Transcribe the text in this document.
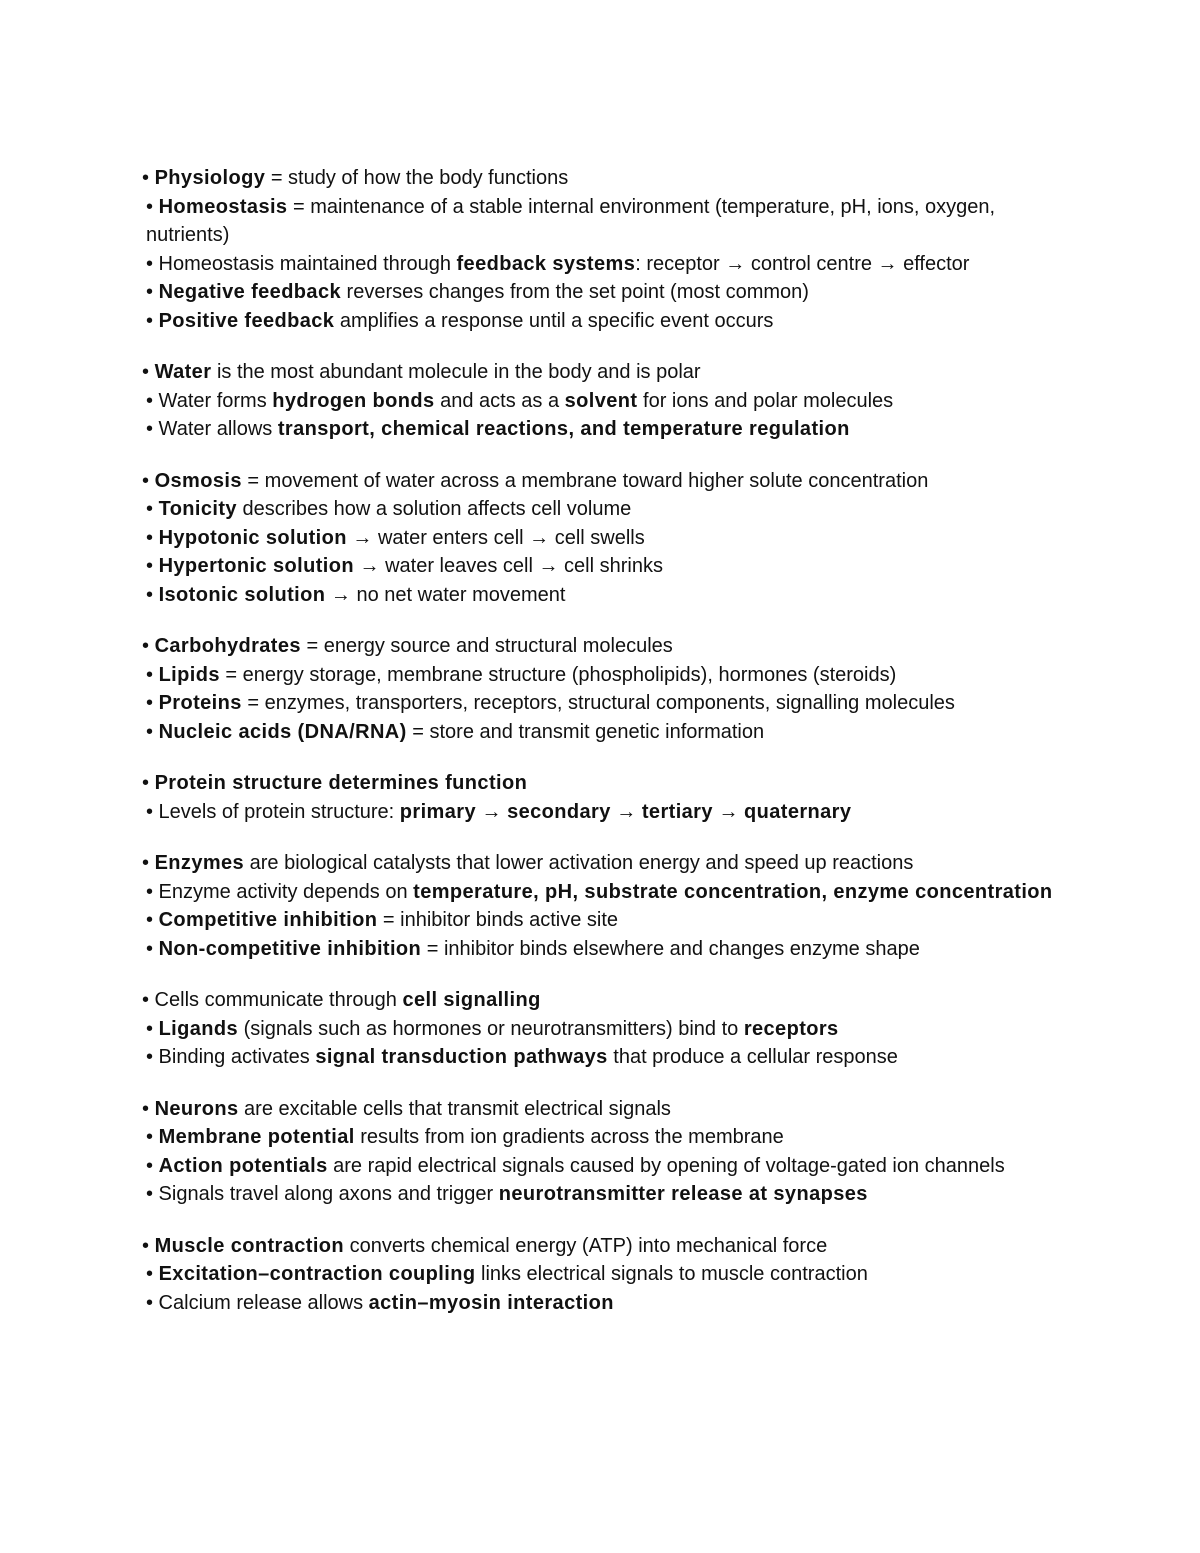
• Physiology = study of how the body functions

• Homeostasis = maintenance of a stable internal environment (temperature, pH, ions, oxygen, nutrients)

• Homeostasis maintained through feedback systems: receptor → control centre → effector

• Negative feedback reverses changes from the set point (most common)

• Positive feedback amplifies a response until a specific event occurs

• Water is the most abundant molecule in the body and is polar

• Water forms hydrogen bonds and acts as a solvent for ions and polar molecules

• Water allows transport, chemical reactions, and temperature regulation

• Osmosis = movement of water across a membrane toward higher solute concentration

• Tonicity describes how a solution affects cell volume

• Hypotonic solution → water enters cell → cell swells

• Hypertonic solution → water leaves cell → cell shrinks

• Isotonic solution → no net water movement

• Carbohydrates = energy source and structural molecules

• Lipids = energy storage, membrane structure (phospholipids), hormones (steroids)

• Proteins = enzymes, transporters, receptors, structural components, signalling molecules

• Nucleic acids (DNA/RNA) = store and transmit genetic information

• Protein structure determines function

• Levels of protein structure: primary → secondary → tertiary → quaternary

• Enzymes are biological catalysts that lower activation energy and speed up reactions

• Enzyme activity depends on temperature, pH, substrate concentration, enzyme concentration

• Competitive inhibition = inhibitor binds active site

• Non-competitive inhibition = inhibitor binds elsewhere and changes enzyme shape

• Cells communicate through cell signalling

• Ligands (signals such as hormones or neurotransmitters) bind to receptors

• Binding activates signal transduction pathways that produce a cellular response

• Neurons are excitable cells that transmit electrical signals

• Membrane potential results from ion gradients across the membrane

• Action potentials are rapid electrical signals caused by opening of voltage-gated ion channels

• Signals travel along axons and trigger neurotransmitter release at synapses

• Muscle contraction converts chemical energy (ATP) into mechanical force

• Excitation–contraction coupling links electrical signals to muscle contraction

• Calcium release allows actin–myosin interaction
